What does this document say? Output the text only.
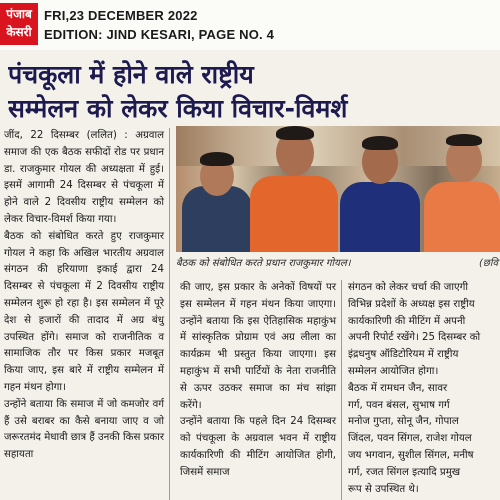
पंजाब
केसरी
FRI,23 DECEMBER 2022
EDITION: JIND KESARI, PAGE NO. 4
पंचकूला में होने वाले राष्ट्रीय
सम्मेलन को लेकर किया विचार-विमर्श

जींद, 22 दिसम्बर (ललित) : अग्रवाल समाज की एक बैठक सफीदों रोड पर प्रधान डा. राजकुमार गोयल की अध्यक्षता में हुई। इसमें आगामी 24 दिसम्बर से पंचकूला में होने वाले 2 दिवसीय राष्ट्रीय सम्मेलन को लेकर विचार-विमर्श किया गया।

बैठक को संबोधित करते हुए राजकुमार गोयल ने कहा कि अखिल भारतीय अग्रवाल संगठन की हरियाणा इकाई द्वारा 24 दिसम्बर से पंचकूला में 2 दिवसीय राष्ट्रीय सम्मेलन शुरू हो रहा है। इस सम्मेलन में पूरे देश से हजारों की तादाद में अग्र बंधु उपस्थित होंगे। समाज को राजनीतिक व सामाजिक तौर पर किस प्रकार मजबूत किया जाए, इस बारे में राष्ट्रीय सम्मेलन में गहन मंथन होगा।

उन्होंने बताया कि समाज में जो कमजोर वर्ग हैं उसे बराबर का कैसे बनाया जाए व जो जरूरतमंद मेधावी छात्र हैं उनकी किस प्रकार सहायता

बैठक को संबोधित करते प्रधान राजकुमार गोयल।	(छवि

की जाए, इस प्रकार के अनेकों विषयों पर इस सम्मेलन में गहन मंथन किया जाएगा। उन्होंने बताया कि इस ऐतिहासिक महाकुंभ में सांस्कृतिक प्रोग्राम एवं अग्र लीला का कार्यक्रम भी प्रस्तुत किया जाएगा। इस महाकुंभ में सभी पार्टियों के नेता राजनीति से ऊपर उठकर समाज का मंच सांझा करेंगे।

उन्होंने बताया कि पहले दिन 24 दिसम्बर को पंचकूला के अग्रवाल भवन में राष्ट्रीय कार्यकारिणी की मीटिंग आयोजित होगी, जिसमें समाज

संगठन को लेकर चर्चा की जाएगी
विभिन्न प्रदेशों के अध्यक्ष इस राष्ट्रीय
कार्यकारिणी की मीटिंग में अपनी
अपनी रिपोर्ट रखेंगे। 25 दिसम्बर को
इंद्रधनुष ऑडिटोरियम में राष्ट्रीय
सम्मेलन आयोजित होगा।
बैठक में रामधन जैन, सावर
गर्ग, पवन बंसल, सुभाष गर्ग
मनोज गुप्ता, सोनू जैन, गोपाल
जिंदल, पवन सिंगल, राजेश गोयल
जय भगवान, सुशील सिंगल, मनीष
गर्ग, रजत सिंगल इत्यादि प्रमुख
रूप से उपस्थित थे।
